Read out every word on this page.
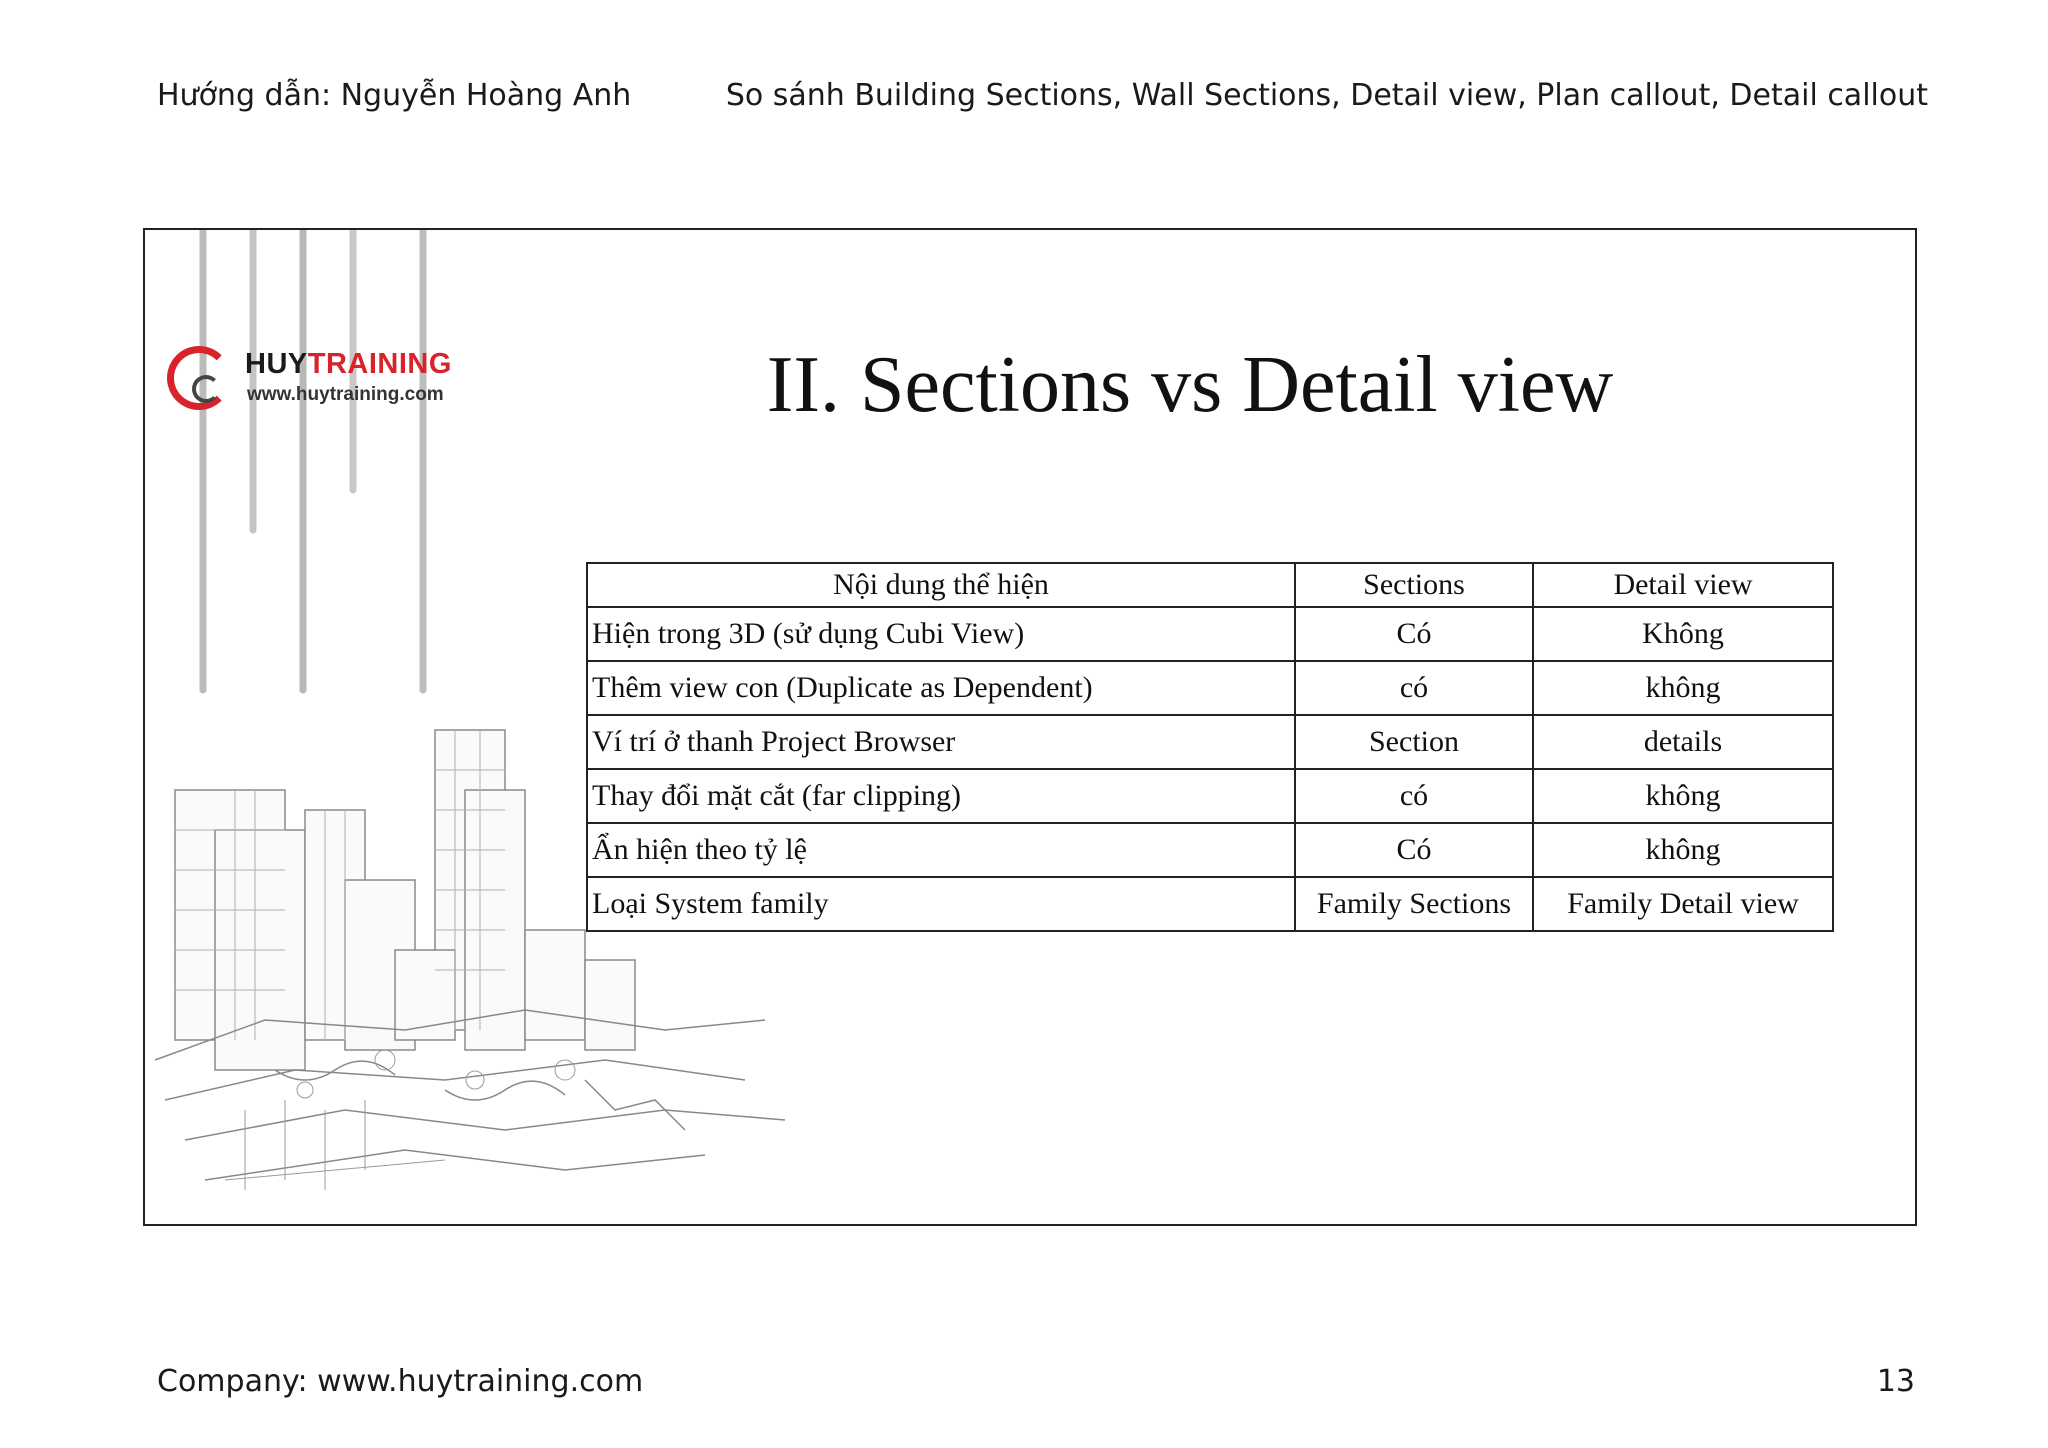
Hướng dẫn: Nguyễn Hoàng Anh	So sánh Building Sections, Wall Sections, Detail view, Plan callout, Detail callout
HUYTRAINING
www.huytraining.com	II. Sections vs Detail view
Nội dung thể hiện	Sections	Detail view
Hiện trong 3D (sử dụng Cubi View)	Có	Không
Thêm view con (Duplicate as Dependent)	có	không
Ví trí ở thanh Project Browser	Section	details
Thay đổi mặt cắt (far clipping)	có	không
Ẩn hiện theo tỷ lệ	Có	không
Loại System family	Family Sections	Family Detail view
Company: www.huytraining.com	13
